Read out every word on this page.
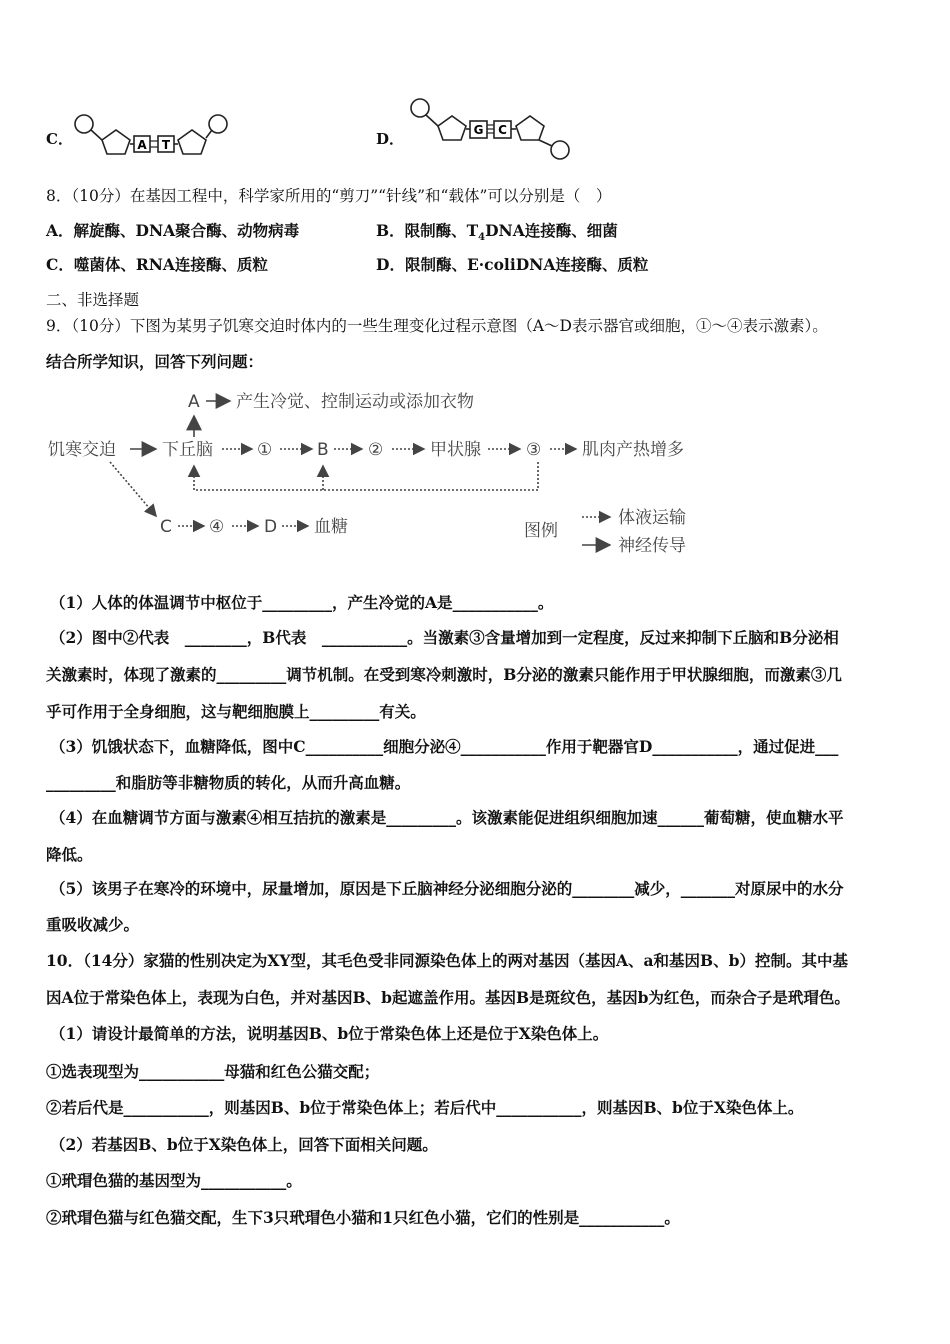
C．	A T	D．	G C
8．（10分）在基因工程中，科学家所用的“剪刀”“针线”和“载体”可以分别是（　）
A．解旋酶、DNA聚合酶、动物病毒	B．限制酶、$T_4DNA$连接酶、细菌
C．噬菌体、RNA连接酶、质粒	D．限制酶、E·coliDNA连接酶、质粒
二、非选择题
9．（10分）下图为某男子饥寒交迫时体内的一些生理变化过程示意图（A～D表示器官或细胞，①～④表示激素）。
结合所学知识，回答下列问题：
A 产生冷觉、控制运动或添加衣物
饥寒交迫	下丘脑	①	B ②	甲状腺	③ 肌肉产热增多
C ④ D 血糖	图例
体液运输
神经传导
（1）人体的体温调节中枢位于_________，产生冷觉的A是___________。
（2）图中②代表　________，B代表　___________。当激素③含量增加到一定程度，反过来抑制下丘脑和B分泌相
关激素时，体现了激素的_________调节机制。在受到寒冷刺激时，B分泌的激素只能作用于甲状腺细胞，而激素③几
乎可作用于全身细胞，这与靶细胞膜上_________有关。
（3）饥饿状态下，血糖降低，图中C__________细胞分泌④___________作用于靶器官D___________，通过促进___
_________和脂肪等非糖物质的转化，从而升高血糖。
（4）在血糖调节方面与激素④相互拮抗的激素是_________。该激素能促进组织细胞加速______葡萄糖，使血糖水平
降低。
（5）该男子在寒冷的环境中，尿量增加，原因是下丘脑神经分泌细胞分泌的________减少，_______对原尿中的水分
重吸收减少。
10．（14分）家猫的性别决定为XY型，其毛色受非同源染色体上的两对基因（基因A、a和基因B、b）控制。其中基
因A位于常染色体上，表现为白色，并对基因B、b起遮盖作用。基因B是斑纹色，基因b为红色，而杂合子是玳瑁色。
（1）请设计最简单的方法，说明基因B、b位于常染色体上还是位于X染色体上。
①选表现型为___________母猫和红色公猫交配；
②若后代是___________，则基因B、b位于常染色体上；若后代中___________，则基因B、b位于X染色体上。
（2）若基因B、b位于X染色体上，回答下面相关问题。
①玳瑁色猫的基因型为___________。
②玳瑁色猫与红色猫交配，生下3只玳瑁色小猫和1只红色小猫，它们的性别是___________。
